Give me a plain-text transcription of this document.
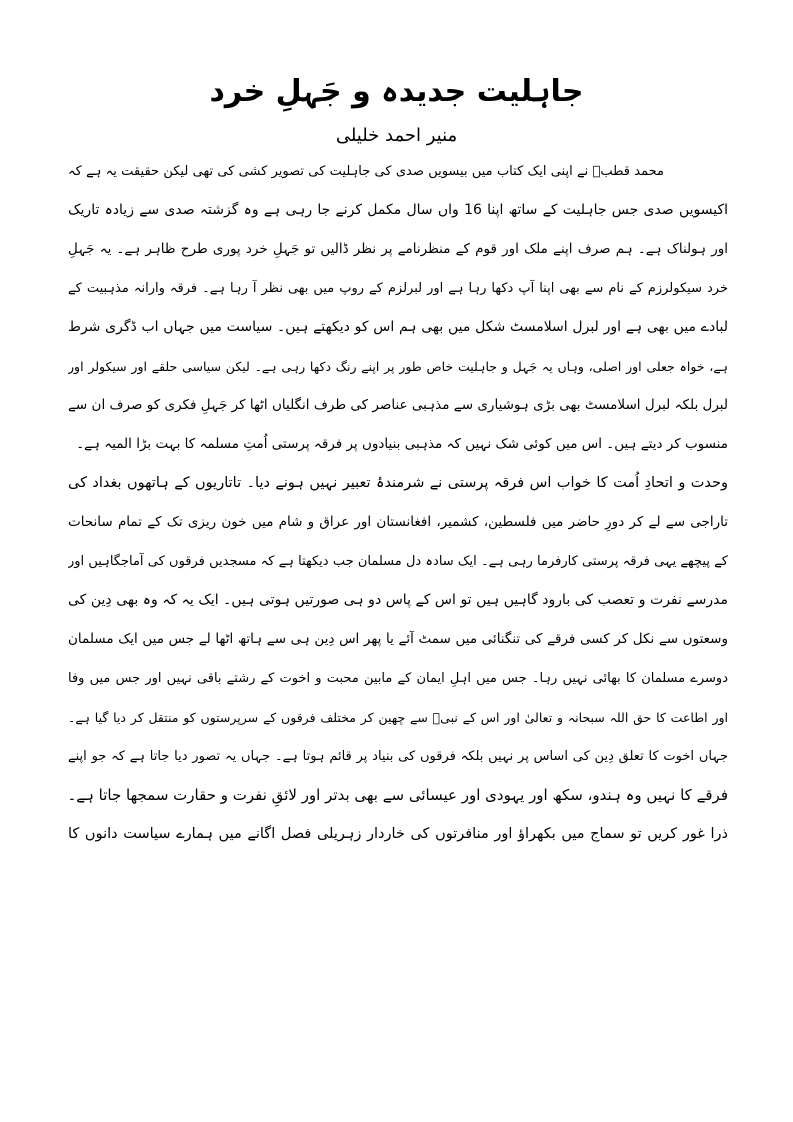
جاہلیت جدیدہ و جَہلِ خرد
منیر احمد خلیلی
محمد قطبؒ نے اپنی ایک کتاب میں بیسویں صدی کی جاہلیت کی تصویر کشی کی تھی لیکن حقیقت یہ ہے کہ
اکیسویں صدی جس جاہلیت کے ساتھ اپنا 16 واں سال مکمل کرنے جا رہی ہے وہ گزشتہ صدی سے زیادہ تاریک
اور ہولناک ہے۔ ہم صرف اپنے ملک اور قوم کے منظرنامے پر نظر ڈالیں تو جَہلِ خرد پوری طرح ظاہر ہے۔ یہ جَہلِ
خرد سیکولرزم کے نام سے بھی اپنا آپ دکھا رہا ہے اور لبرلزم کے روپ میں بھی نظر آ رہا ہے۔ فرقہ وارانہ مذہبیت کے
لبادے میں بھی ہے اور لبرل اسلامسٹ شکل میں بھی ہم اس کو دیکھتے ہیں۔ سیاست میں جہاں اب ڈگری شرط
ہے، خواہ جعلی اور اصلی، وہاں یہ جَہل و جاہلیت خاص طور پر اپنے رنگ دکھا رہی ہے۔ لیکن سیاسی حلقے اور سیکولر اور
لبرل بلکہ لبرل اسلامسٹ بھی بڑی ہوشیاری سے مذہبی عناصر کی طرف انگلیاں اٹھا کر جَہلِ فکری کو صرف ان سے
منسوب کر دیتے ہیں۔ اس میں کوئی شک نہیں کہ مذہبی بنیادوں پر فرقہ پرستی اُمتِ مسلمہ کا بہت بڑا المیہ ہے۔
وحدت و اتحادِ اُمت کا خواب اس فرقہ پرستی نے شرمندۂ تعبیر نہیں ہونے دیا۔ تاتاریوں کے ہاتھوں بغداد کی
تاراجی سے لے کر دورِ حاضر میں فلسطین، کشمیر، افغانستان اور عراق و شام میں خون ریزی تک کے تمام سانحات
کے پیچھے یہی فرقہ پرستی کارفرما رہی ہے۔ ایک سادہ دل مسلمان جب دیکھتا ہے کہ مسجدیں فرقوں کی آماجگاہیں اور
مدرسے نفرت و تعصب کی بارود گاہیں ہیں تو اس کے پاس دو ہی صورتیں ہوتی ہیں۔ ایک یہ کہ وہ بھی دِین کی
وسعتوں سے نکل کر کسی فرقے کی تنگنائی میں سمٹ آئے یا پھر اس دِین ہی سے ہاتھ اٹھا لے جس میں ایک مسلمان
دوسرے مسلمان کا بھائی نہیں رہا۔ جس میں اہلِ ایمان کے مابین محبت و اخوت کے رشتے باقی نہیں اور جس میں وفا
اور اطاعت کا حق اللہ سبحانہ و تعالیٰ اور اس کے نبیؐ سے چھین کر مختلف فرقوں کے سرپرستوں کو منتقل کر دیا گیا ہے۔
جہاں اخوت کا تعلق دِین کی اساس پر نہیں بلکہ فرقوں کی بنیاد پر قائم ہوتا ہے۔ جہاں یہ تصور دیا جاتا ہے کہ جو اپنے
فرقے کا نہیں وہ ہندو، سکھ اور یہودی اور عیسائی سے بھی بدتر اور لائقِ نفرت و حقارت سمجھا جاتا ہے۔
ذرا غور کریں تو سماج میں بکھراؤ اور منافرتوں کی خاردار زہریلی فصل اگانے میں ہمارے سیاست دانوں کا
